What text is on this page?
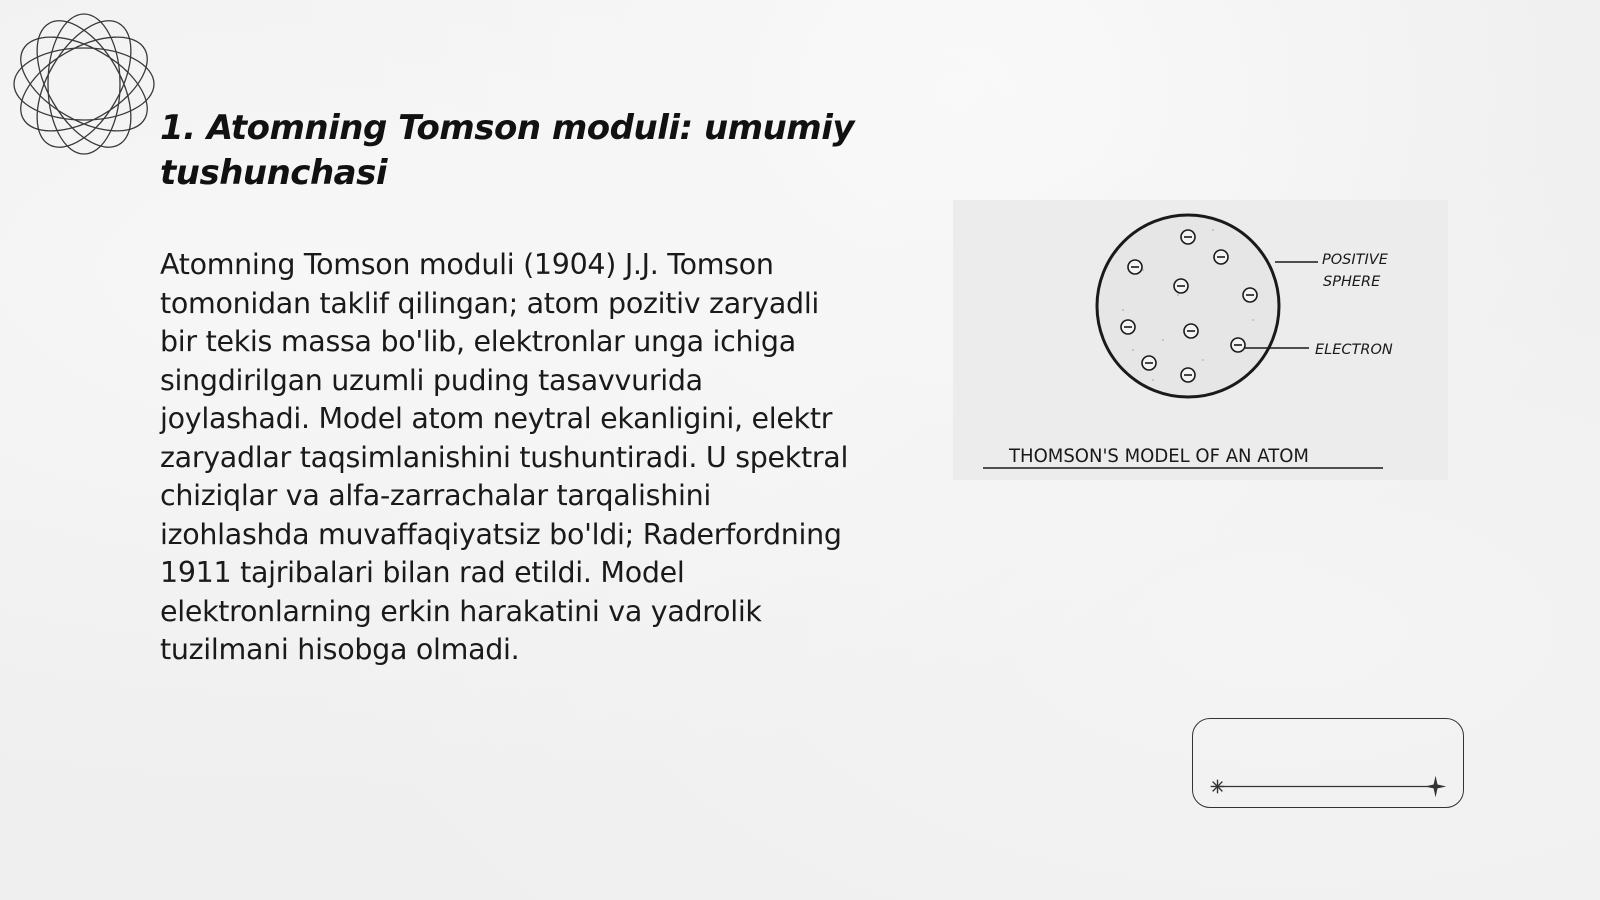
1. Atomning Tomson moduli: umumiy tushunchasi

Atomning Tomson moduli (1904) J.J. Tomson tomonidan taklif qilingan; atom pozitiv zaryadli bir tekis massa bo'lib, elektronlar unga ichiga singdirilgan uzumli puding tasavvurida joylashadi. Model atom neytral ekanligini, elektr zaryadlar taqsimlanishini tushuntiradi. U spektral chiziqlar va alfa-zarrachalar tarqalishini izohlashda muvaffaqiyatsiz bo'ldi; Raderfordning 1911 tajribalari bilan rad etildi. Model elektronlarning erkin harakatini va yadrolik tuzilmani hisobga olmadi.

POSITIVE
SPHERE
ELECTRON
THOMSON'S MODEL OF AN ATOM
